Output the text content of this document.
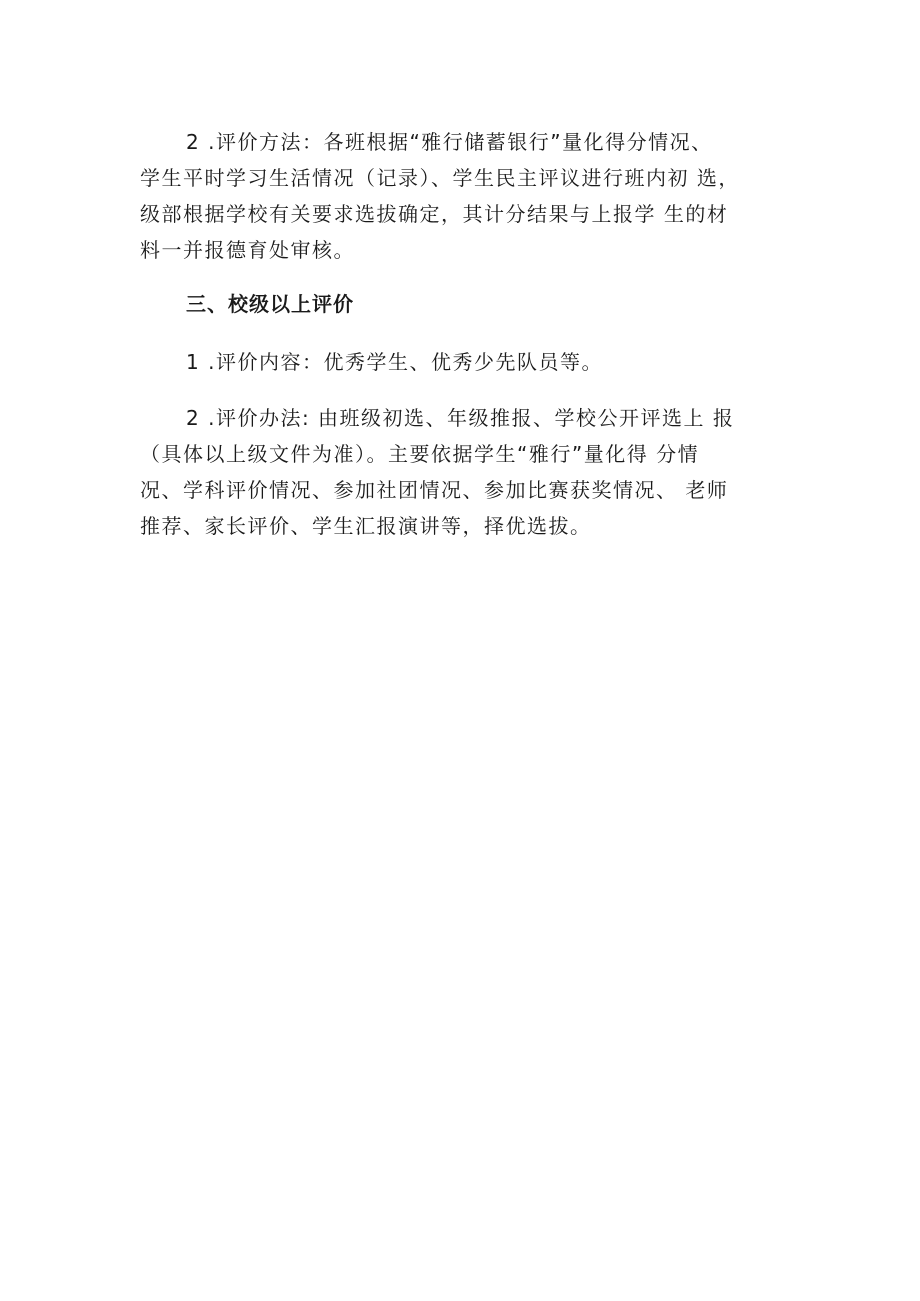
2 .评价方法：各班根据“雅行储蓄银行”量化得分情况、
学生平时学习生活情况（记录）、学生民主评议进行班内初 选，
级部根据学校有关要求选拔确定，其计分结果与上报学 生的材
料一并报德育处审核。

三、校级以上评价

1 .评价内容：优秀学生、优秀少先队员等。

2 .评价办法: 由班级初选、年级推报、学校公开评选上 报
（具体以上级文件为准）。主要依据学生“雅行”量化得 分情
况、学科评价情况、参加社团情况、参加比赛获奖情况、 老师
推荐、家长评价、学生汇报演讲等，择优选拔。
